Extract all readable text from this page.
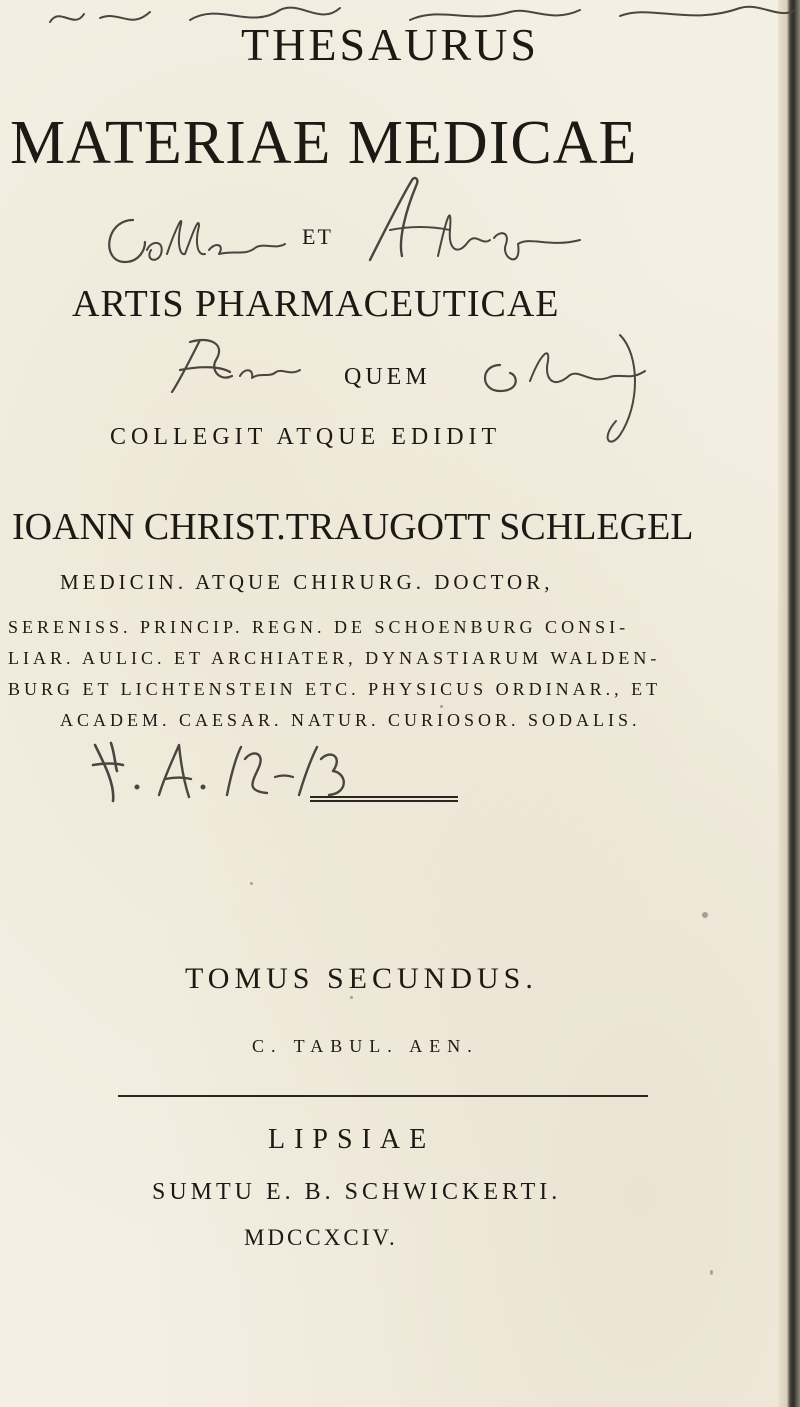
THESAURUS
MATERIAE MEDICAE
ET
ARTIS PHARMACEUTICAE
QUEM
COLLEGIT ATQUE EDIDIT
IOANN CHRIST.TRAUGOTT SCHLEGEL
MEDICIN. ATQUE CHIRURG. DOCTOR,
SERENISS. PRINCIP. REGN. DE SCHOENBURG CONSI-
LIAR. AULIC. ET ARCHIATER, DYNASTIARUM WALDEN-
BURG ET LICHTENSTEIN ETC. PHYSICUS ORDINAR., ET
ACADEM. CAESAR. NATUR. CURIOSOR. SODALIS.
TOMUS SECUNDUS.
C. TABUL. AEN.
LIPSIAE
SUMTU E. B. SCHWICKERTI.
MDCCXCIV.
